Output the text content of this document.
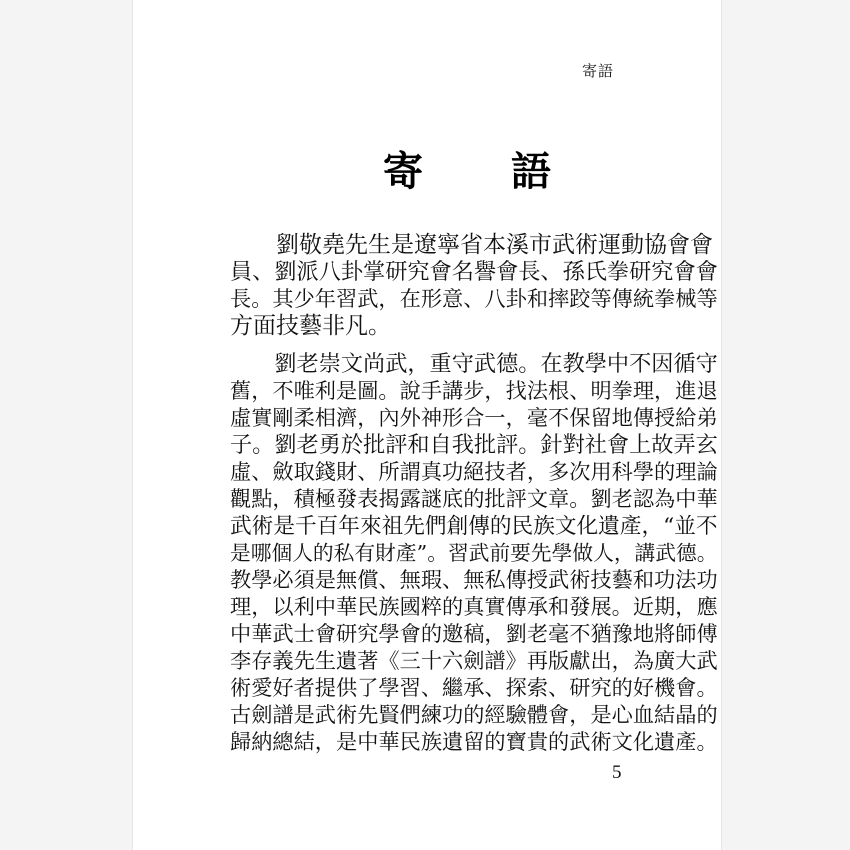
寄語
寄　語
　　劉敬堯先生是遼寧省本溪市武術運動協會會
員、劉派八卦掌研究會名譽會長、孫氏拳研究會會
長。其少年習武，在形意、八卦和摔跤等傳統拳械等
方面技藝非凡。
　　劉老崇文尚武，重守武德。在教學中不因循守
舊，不唯利是圖。說手講步，找法根、明拳理，進退
虛實剛柔相濟，內外神形合一，毫不保留地傳授給弟
子。劉老勇於批評和自我批評。針對社會上故弄玄
虛、斂取錢財、所謂真功絕技者，多次用科學的理論
觀點，積極發表揭露謎底的批評文章。劉老認為中華
武術是千百年來祖先們創傳的民族文化遺產，“並不
是哪個人的私有財產”。習武前要先學做人，講武德。
教學必須是無償、無瑕、無私傳授武術技藝和功法功
理，以利中華民族國粹的真實傳承和發展。近期，應
中華武士會研究學會的邀稿，劉老毫不猶豫地將師傅
李存義先生遺著《三十六劍譜》再版獻出，為廣大武
術愛好者提供了學習、繼承、探索、研究的好機會。
古劍譜是武術先賢們練功的經驗體會，是心血結晶的
歸納總結，是中華民族遺留的寶貴的武術文化遺產。
5
